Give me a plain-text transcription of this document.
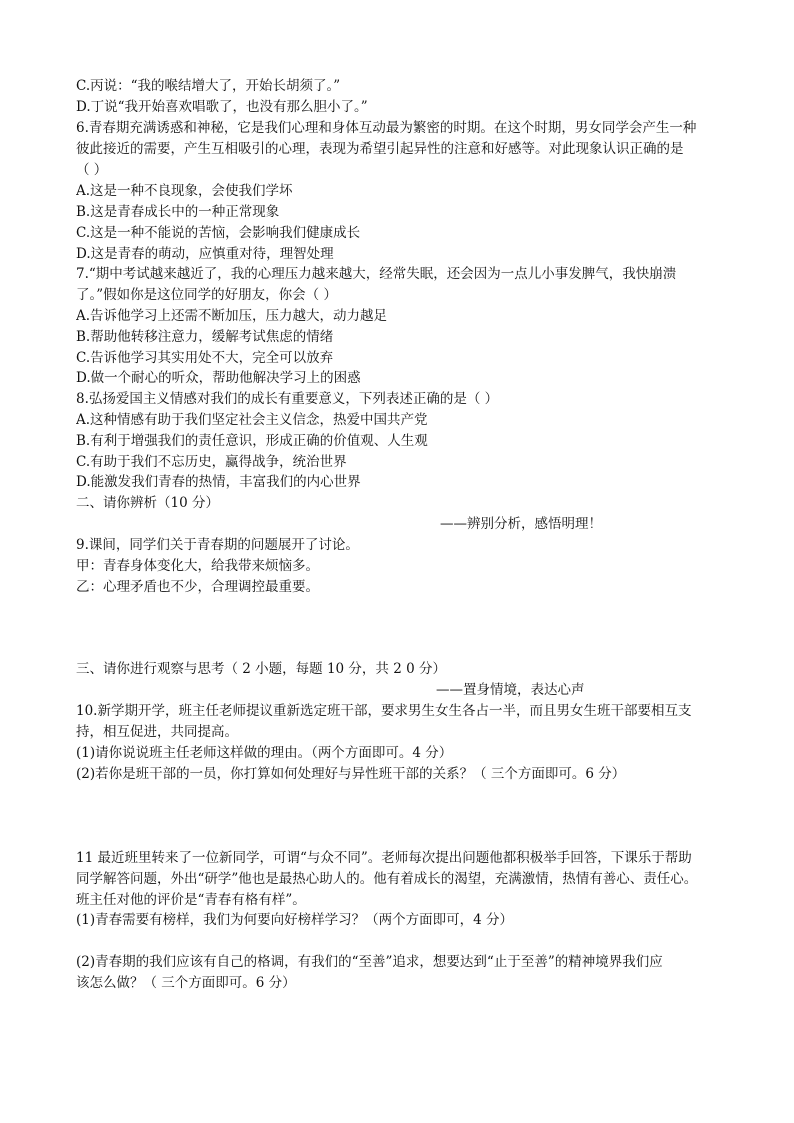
C.丙说：“我的喉结增大了，开始长胡须了。”
D.丁说“我开始喜欢唱歌了，也没有那么胆小了。”
6.青春期充满诱惑和神秘，它是我们心理和身体互动最为繁密的时期。在这个时期，男女同学会产生一种
彼此接近的需要，产生互相吸引的心理，表现为希望引起异性的注意和好感等。对此现象认识正确的是
（ ）
A.这是一种不良现象，会使我们学坏
B.这是青春成长中的一种正常现象
C.这是一种不能说的苦恼，会影响我们健康成长
D.这是青春的萌动，应慎重对待，理智处理
7.“期中考试越来越近了，我的心理压力越来越大，经常失眠，还会因为一点儿小事发脾气，我快崩溃
了。”假如你是这位同学的好朋友，你会（ ）
A.告诉他学习上还需不断加压，压力越大，动力越足
B.帮助他转移注意力，缓解考试焦虑的情绪
C.告诉他学习其实用处不大，完全可以放弃
D.做一个耐心的听众，帮助他解决学习上的困惑
8.弘扬爱国主义情感对我们的成长有重要意义，下列表述正确的是（ ）
A.这种情感有助于我们坚定社会主义信念，热爱中国共产党
B.有利于增强我们的责任意识，形成正确的价值观、人生观
C.有助于我们不忘历史，赢得战争，统治世界
D.能激发我们青春的热情，丰富我们的内心世界
二、请你辨析（10 分）
——辨别分析，感悟明理！
9.课间，同学们关于青春期的问题展开了讨论。
甲：青春身体变化大，给我带来烦恼多。
乙：心理矛盾也不少，合理调控最重要。
三、请你进行观察与思考（ 2 小题，每题 10 分，共 2 0 分）
——置身情境，表达心声
10.新学期开学，班主任老师提议重新选定班干部，要求男生女生各占一半，而且男女生班干部要相互支
持，相互促进，共同提高。
(1)请你说说班主任老师这样做的理由。（两个方面即可。4 分）
(2)若你是班干部的一员，你打算如何处理好与异性班干部的关系？（ 三个方面即可。6 分）
11 最近班里转来了一位新同学，可谓“与众不同”。老师每次提出问题他都积极举手回答，下课乐于帮助
同学解答问题，外出“研学”他也是最热心助人的。他有着成长的渴望，充满激情，热情有善心、责任心。
班主任对他的评价是“青春有格有样”。
(1)青春需要有榜样，我们为何要向好榜样学习？（两个方面即可，4 分）
(2)青春期的我们应该有自己的格调，有我们的“至善”追求，想要达到“止于至善”的精神境界我们应
该怎么做？（ 三个方面即可。6 分）
